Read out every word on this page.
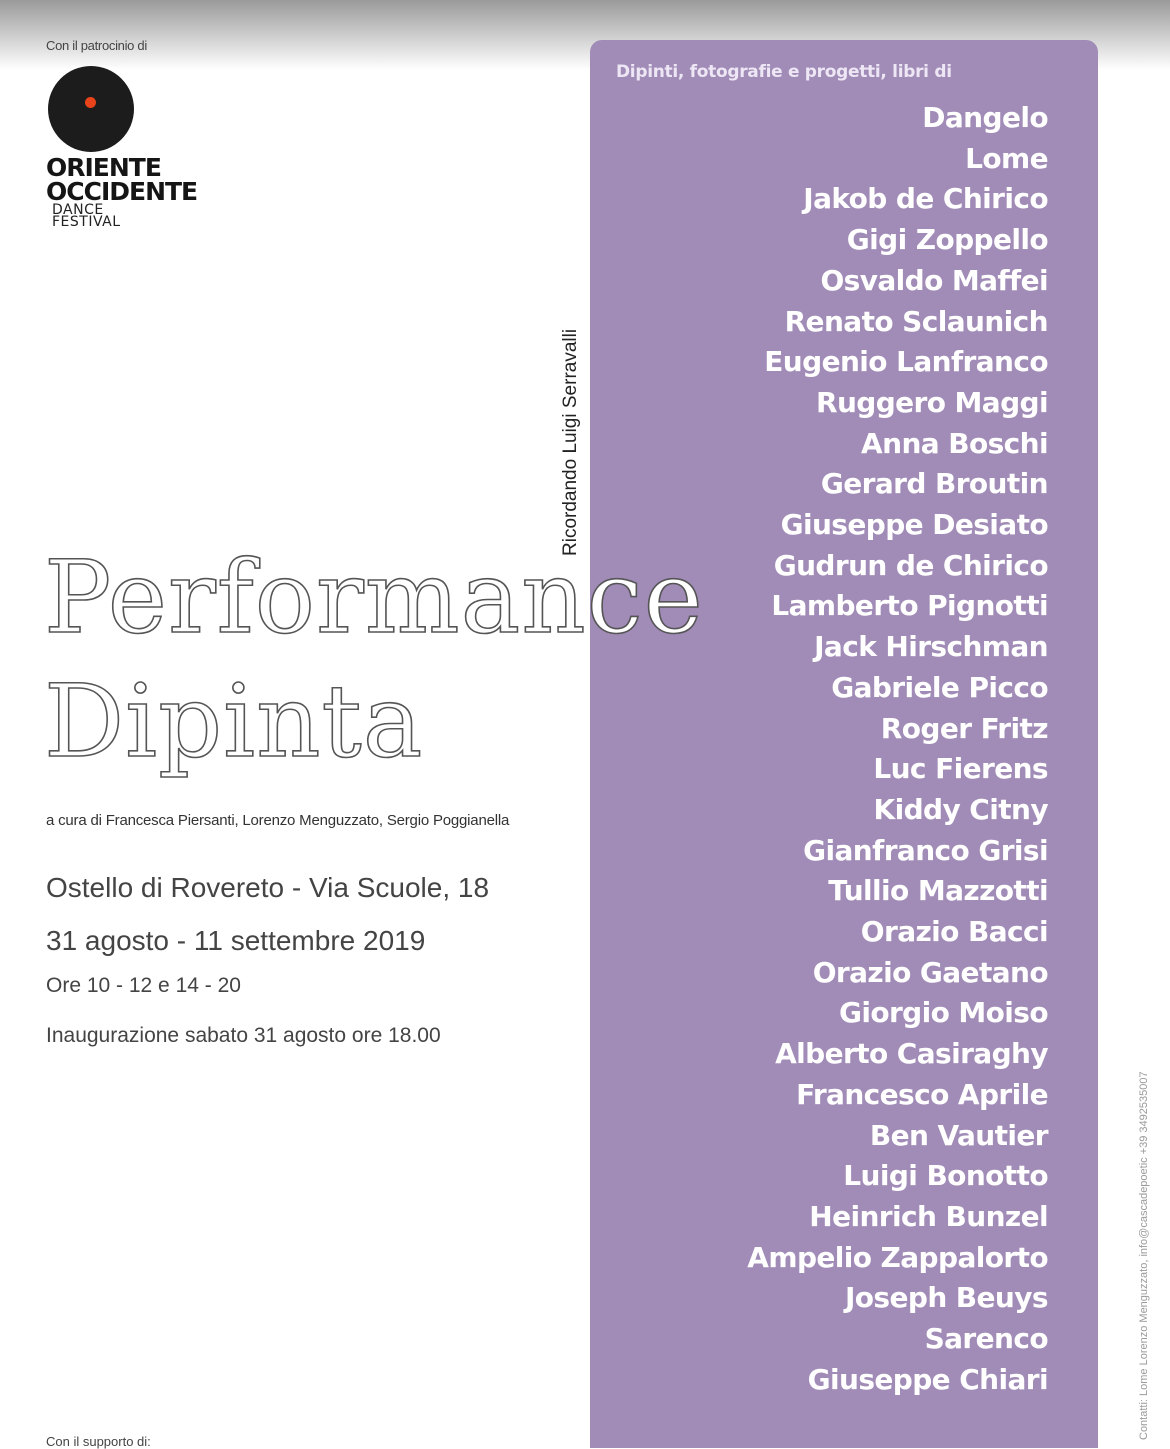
Con il patrocinio di
ORIENTE
OCCIDENTE
DANCE
FESTIVAL
Dipinti, fotografie e progetti, libri di
Dangelo
Lome
Jakob de Chirico
Gigi Zoppello
Osvaldo Maffei
Renato Sclaunich
Eugenio Lanfranco
Ruggero Maggi
Anna Boschi
Gerard Broutin
Giuseppe Desiato
Gudrun de Chirico
Lamberto Pignotti
Jack Hirschman
Gabriele Picco
Roger Fritz
Luc Fierens
Kiddy Citny
Gianfranco Grisi
Tullio Mazzotti
Orazio Bacci
Orazio Gaetano
Giorgio Moiso
Alberto Casiraghy
Francesco Aprile
Ben Vautier
Luigi Bonotto
Heinrich Bunzel
Ampelio Zappalorto
Joseph Beuys
Sarenco
Giuseppe Chiari
Ricordando Luigi Serravalli
Performance
Dipinta
a cura di Francesca Piersanti, Lorenzo Menguzzato, Sergio Poggianella
Ostello di Rovereto - Via Scuole, 18
31 agosto - 11 settembre 2019
Ore 10 - 12 e 14 - 20
Inaugurazione sabato 31 agosto ore 18.00
Con il supporto di:
Contatti: Lome Lorenzo Menguzzato, info@cascadepoetic +39 3492535007
